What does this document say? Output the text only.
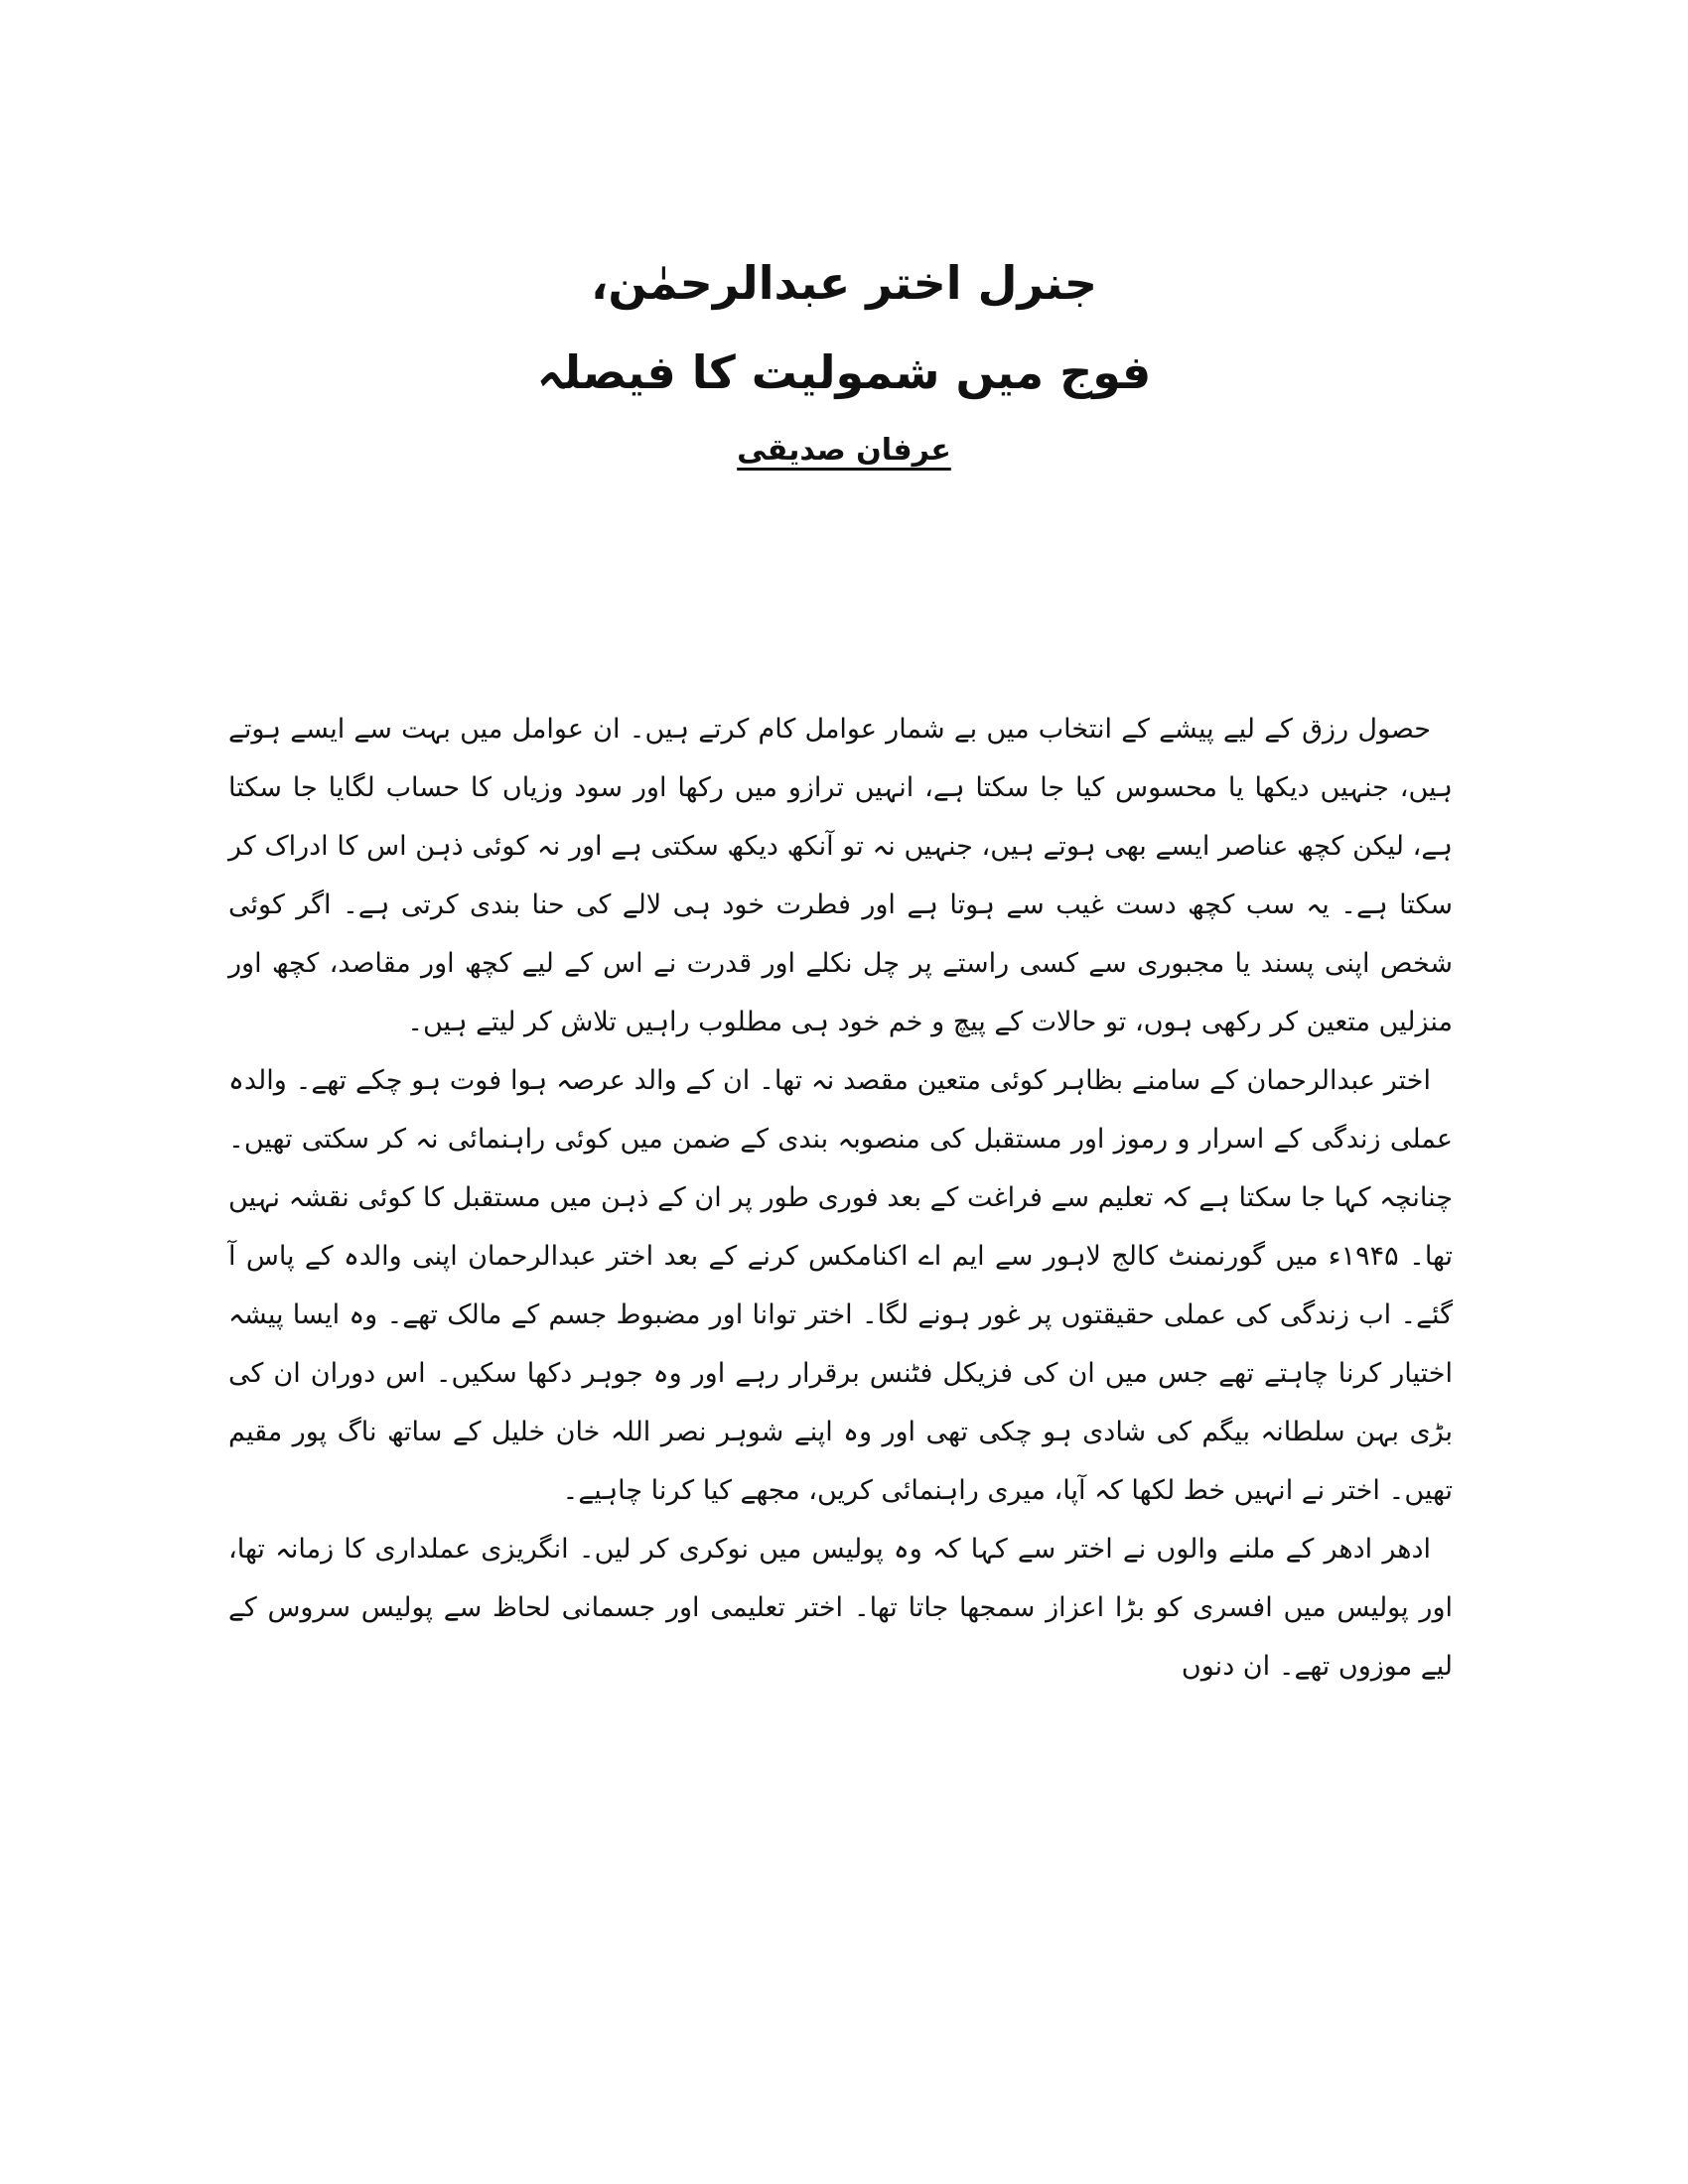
جنرل اختر عبدالرحمٰن،
فوج میں شمولیت کا فیصلہ
عرفان صدیقی

حصول رزق کے لیے پیشے کے انتخاب میں بے شمار عوامل کام کرتے ہیں۔ ان عوامل میں بہت سے ایسے ہوتے ہیں، جنہیں دیکھا یا محسوس کیا جا سکتا ہے، انہیں ترازو میں رکھا اور سود وزیاں کا حساب لگایا جا سکتا ہے، لیکن کچھ عناصر ایسے بھی ہوتے ہیں، جنہیں نہ تو آنکھ دیکھ سکتی ہے اور نہ کوئی ذہن اس کا ادراک کر سکتا ہے۔ یہ سب کچھ دست غیب سے ہوتا ہے اور فطرت خود ہی لالے کی حنا بندی کرتی ہے۔ اگر کوئی شخص اپنی پسند یا مجبوری سے کسی راستے پر چل نکلے اور قدرت نے اس کے لیے کچھ اور مقاصد، کچھ اور منزلیں متعین کر رکھی ہوں، تو حالات کے پیچ و خم خود ہی مطلوب راہیں تلاش کر لیتے ہیں۔

اختر عبدالرحمان کے سامنے بظاہر کوئی متعین مقصد نہ تھا۔ ان کے والد عرصہ ہوا فوت ہو چکے تھے۔ والدہ عملی زندگی کے اسرار و رموز اور مستقبل کی منصوبہ بندی کے ضمن میں کوئی راہنمائی نہ کر سکتی تھیں۔ چنانچہ کہا جا سکتا ہے کہ تعلیم سے فراغت کے بعد فوری طور پر ان کے ذہن میں مستقبل کا کوئی نقشہ نہیں تھا۔ ۱۹۴۵ء میں گورنمنٹ کالج لاہور سے ایم اے اکنامکس کرنے کے بعد اختر عبدالرحمان اپنی والدہ کے پاس آ گئے۔ اب زندگی کی عملی حقیقتوں پر غور ہونے لگا۔ اختر توانا اور مضبوط جسم کے مالک تھے۔ وہ ایسا پیشہ اختیار کرنا چاہتے تھے جس میں ان کی فزیکل فٹنس برقرار رہے اور وہ جوہر دکھا سکیں۔ اس دوران ان کی بڑی بہن سلطانہ بیگم کی شادی ہو چکی تھی اور وہ اپنے شوہر نصر اللہ خان خلیل کے ساتھ ناگ پور مقیم تھیں۔ اختر نے انہیں خط لکھا کہ آپا، میری راہنمائی کریں، مجھے کیا کرنا چاہیے۔

ادھر ادھر کے ملنے والوں نے اختر سے کہا کہ وہ پولیس میں نوکری کر لیں۔ انگریزی عملداری کا زمانہ تھا، اور پولیس میں افسری کو بڑا اعزاز سمجھا جاتا تھا۔ اختر تعلیمی اور جسمانی لحاظ سے پولیس سروس کے لیے موزوں تھے۔ ان دنوں
